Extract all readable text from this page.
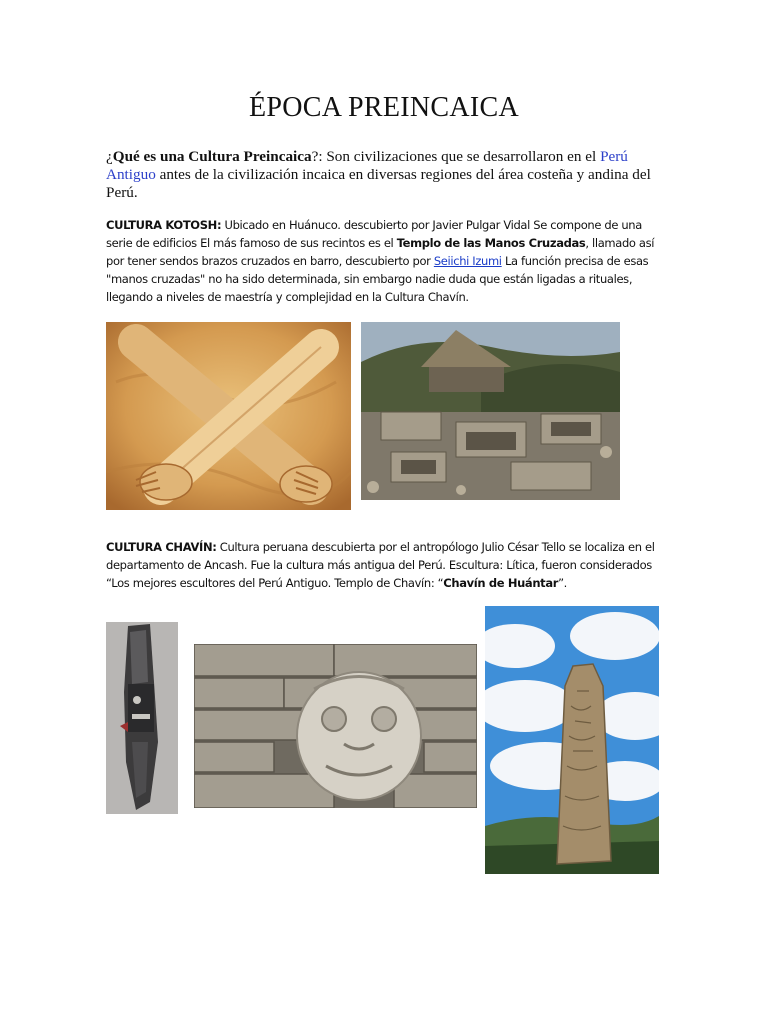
ÉPOCA PREINCAICA

¿Qué es una Cultura Preincaica?: Son civilizaciones que se desarrollaron en el Perú Antiguo antes de la civilización incaica en diversas regiones del área costeña y andina del Perú.

CULTURA KOTOSH: Ubicado en Huánuco. descubierto por Javier Pulgar Vidal Se compone de una serie de edificios El más famoso de sus recintos es el Templo de las Manos Cruzadas, llamado así por tener sendos brazos cruzados en barro, descubierto por Seiichi Izumi La función precisa de esas "manos cruzadas" no ha sido determinada, sin embargo nadie duda que están ligadas a rituales, llegando a niveles de maestría y complejidad en la Cultura Chavín.

CULTURA CHAVÍN: Cultura peruana descubierta por el antropólogo Julio César Tello se localiza en el departamento de Ancash. Fue la cultura más antigua del Perú. Escultura: Lítica, fueron considerados “Los mejores escultores del Perú Antiguo. Templo de Chavín: “Chavín de Huántar”.
